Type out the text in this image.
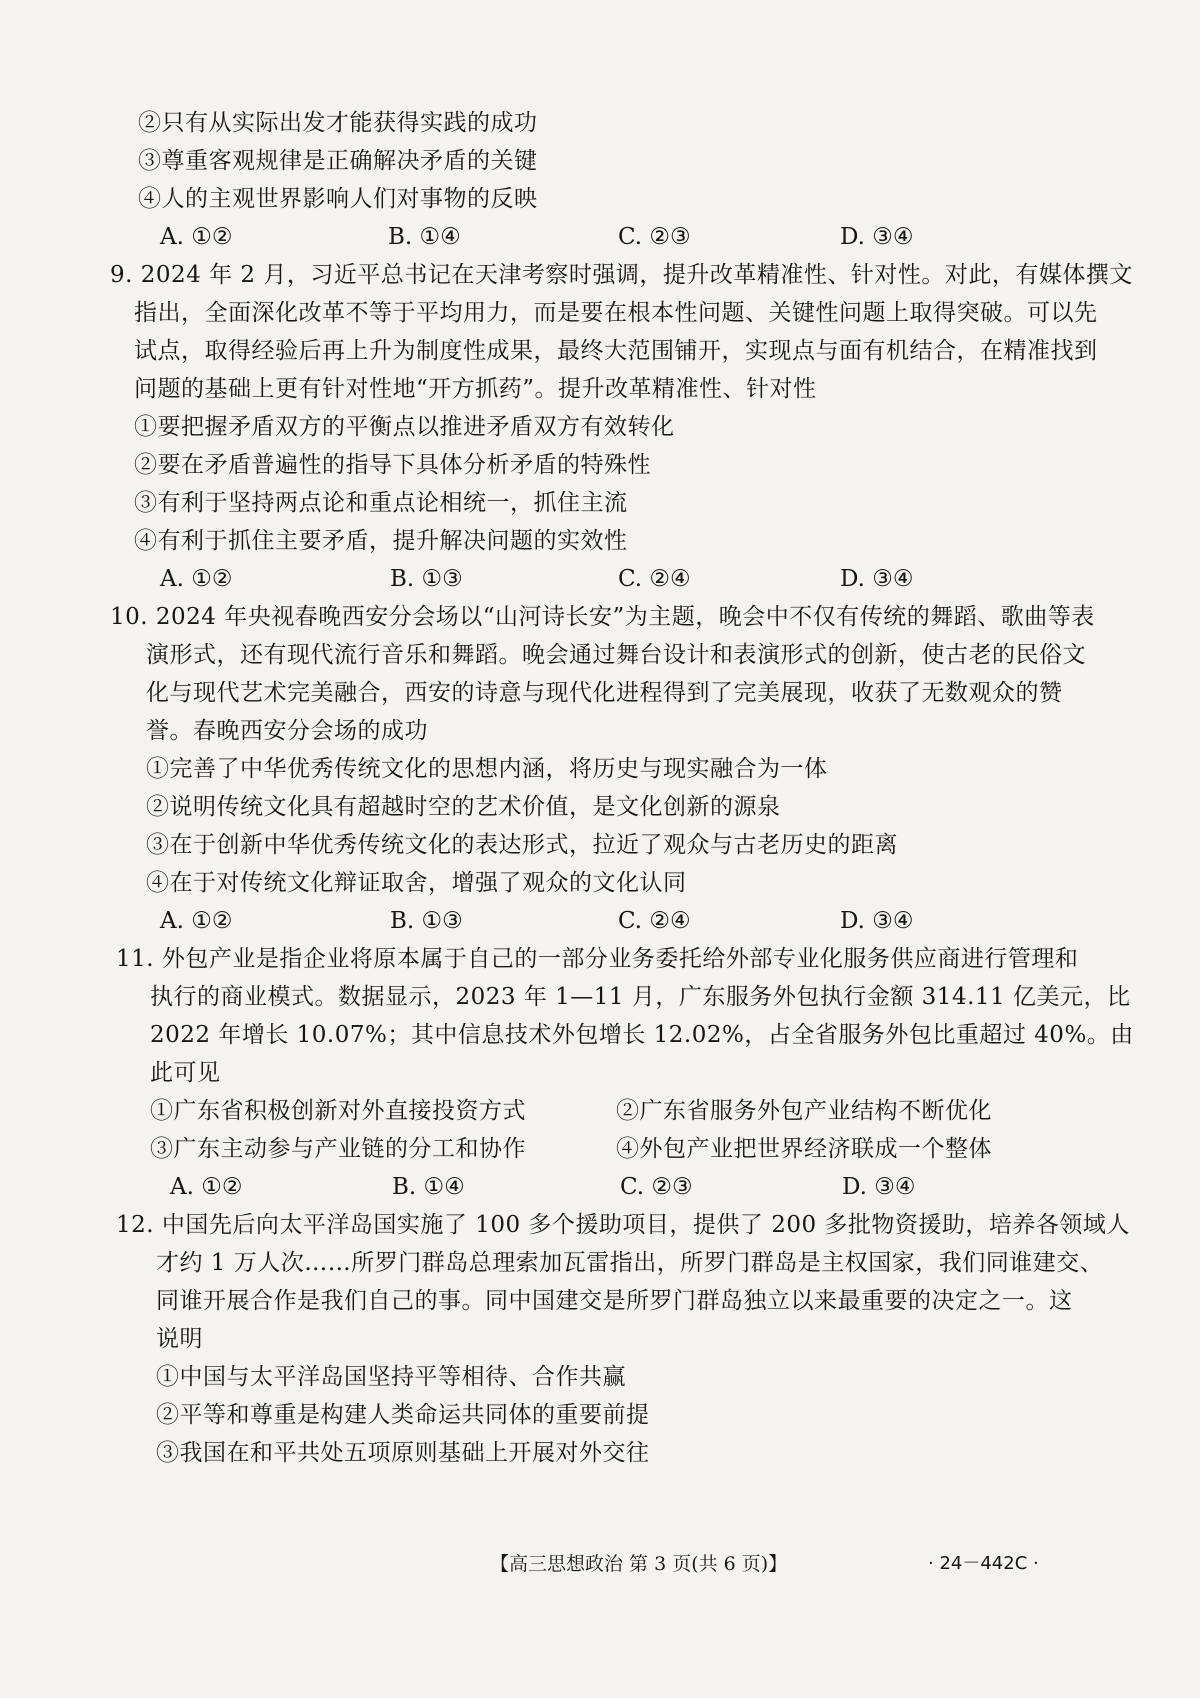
②只有从实际出发才能获得实践的成功
③尊重客观规律是正确解决矛盾的关键
④人的主观世界影响人们对事物的反映
A. ①②	B. ①④	C. ②③	D. ③④
9. 2024 年 2 月，习近平总书记在天津考察时强调，提升改革精准性、针对性。对此，有媒体撰文
指出，全面深化改革不等于平均用力，而是要在根本性问题、关键性问题上取得突破。可以先
试点，取得经验后再上升为制度性成果，最终大范围铺开，实现点与面有机结合，在精准找到
问题的基础上更有针对性地“开方抓药”。提升改革精准性、针对性
①要把握矛盾双方的平衡点以推进矛盾双方有效转化
②要在矛盾普遍性的指导下具体分析矛盾的特殊性
③有利于坚持两点论和重点论相统一，抓住主流
④有利于抓住主要矛盾，提升解决问题的实效性
A. ①②	B. ①③	C. ②④	D. ③④
10. 2024 年央视春晚西安分会场以“山河诗长安”为主题，晚会中不仅有传统的舞蹈、歌曲等表
演形式，还有现代流行音乐和舞蹈。晚会通过舞台设计和表演形式的创新，使古老的民俗文
化与现代艺术完美融合，西安的诗意与现代化进程得到了完美展现，收获了无数观众的赞
誉。春晚西安分会场的成功
①完善了中华优秀传统文化的思想内涵，将历史与现实融合为一体
②说明传统文化具有超越时空的艺术价值，是文化创新的源泉
③在于创新中华优秀传统文化的表达形式，拉近了观众与古老历史的距离
④在于对传统文化辩证取舍，增强了观众的文化认同
A. ①②	B. ①③	C. ②④	D. ③④
11. 外包产业是指企业将原本属于自己的一部分业务委托给外部专业化服务供应商进行管理和
执行的商业模式。数据显示，2023 年 1—11 月，广东服务外包执行金额 314.11 亿美元，比
2022 年增长 10.07%；其中信息技术外包增长 12.02%，占全省服务外包比重超过 40%。由
此可见
①广东省积极创新对外直接投资方式	②广东省服务外包产业结构不断优化
③广东主动参与产业链的分工和协作	④外包产业把世界经济联成一个整体
A. ①②	B. ①④	C. ②③	D. ③④
12. 中国先后向太平洋岛国实施了 100 多个援助项目，提供了 200 多批物资援助，培养各领域人
才约 1 万人次……所罗门群岛总理索加瓦雷指出，所罗门群岛是主权国家，我们同谁建交、
同谁开展合作是我们自己的事。同中国建交是所罗门群岛独立以来最重要的决定之一。这
说明
①中国与太平洋岛国坚持平等相待、合作共赢
②平等和尊重是构建人类命运共同体的重要前提
③我国在和平共处五项原则基础上开展对外交往
【高三思想政治 第 3 页(共 6 页)】	· 24－442C ·
